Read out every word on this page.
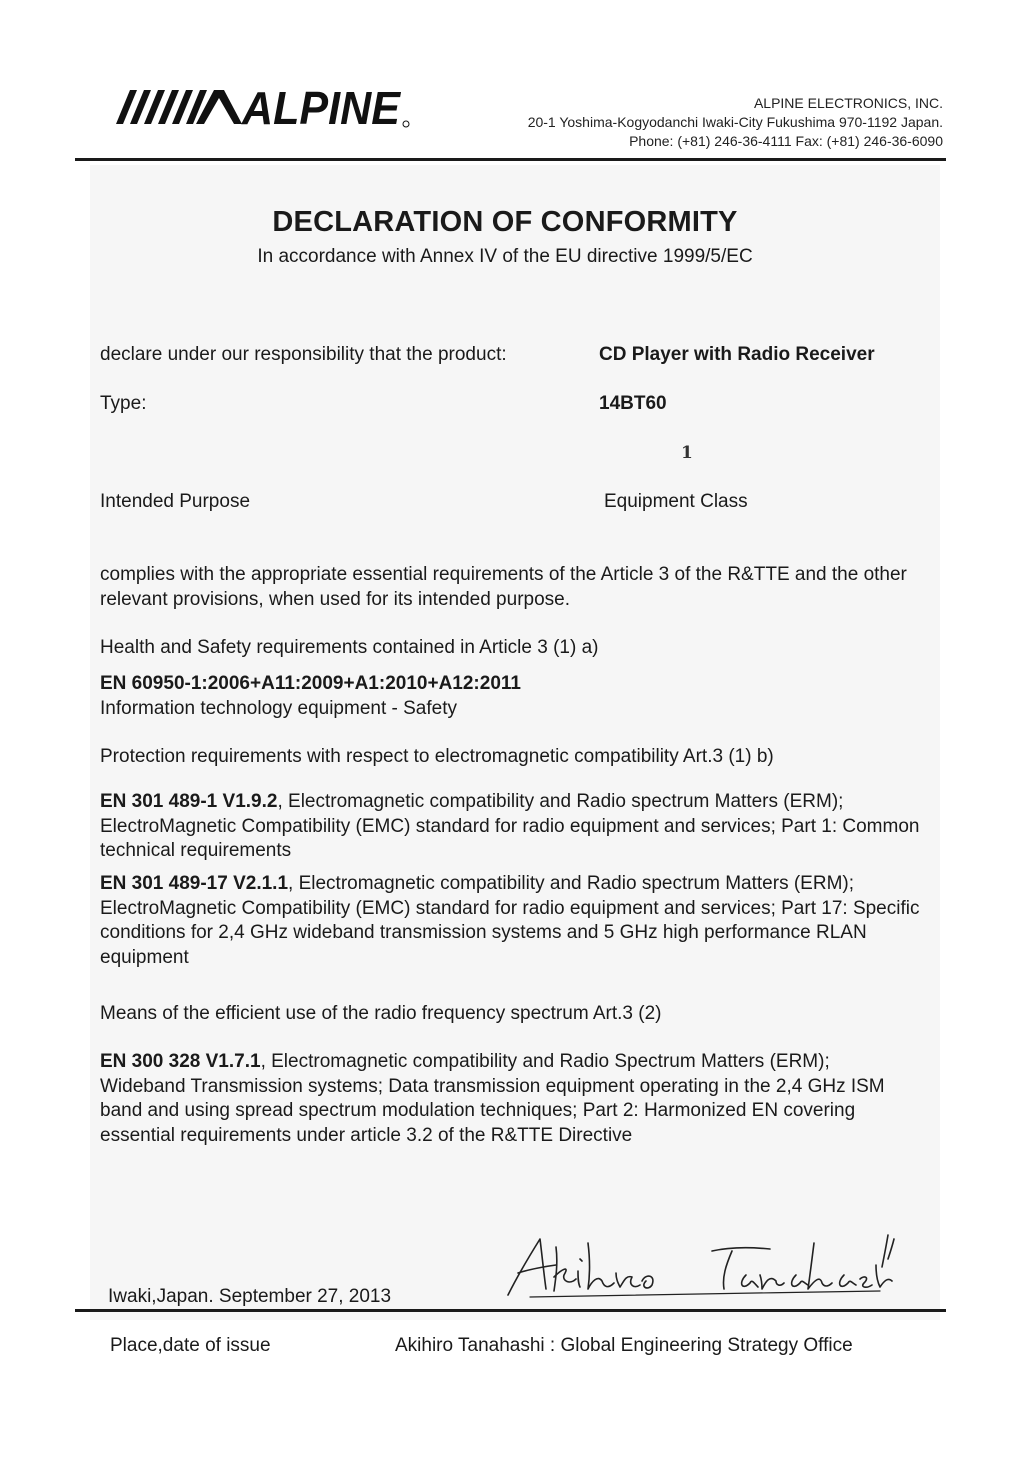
ALPINE	ALPINE ELECTRONICS, INC.
20-1 Yoshima-Kogyodanchi Iwaki-City Fukushima 970-1192 Japan.
Phone: (+81) 246-36-4111 Fax: (+81) 246-36-6090
DECLARATION OF CONFORMITY
In accordance with Annex IV of the EU directive 1999/5/EC
declare under our responsibility that the product:	CD Player with Radio Receiver
Type:	14BT60
1
Intended Purpose	Equipment Class

complies with the appropriate essential requirements of the Article 3 of the R&TTE and the other relevant provisions, when used for its intended purpose.

Health and Safety requirements contained in Article 3 (1) a)

EN 60950-1:2006+A11:2009+A1:2010+A12:2011

Information technology equipment - Safety

Protection requirements with respect to electromagnetic compatibility Art.3 (1) b)

EN 301 489-1 V1.9.2, Electromagnetic compatibility and Radio spectrum Matters (ERM); ElectroMagnetic Compatibility (EMC) standard for radio equipment and services; Part 1: Common technical requirements

EN 301 489-17 V2.1.1, Electromagnetic compatibility and Radio spectrum Matters (ERM); ElectroMagnetic Compatibility (EMC) standard for radio equipment and services; Part 17: Specific conditions for 2,4 GHz wideband transmission systems and 5 GHz high performance RLAN equipment

Means of the efficient use of the radio frequency spectrum Art.3 (2)

EN 300 328 V1.7.1, Electromagnetic compatibility and Radio Spectrum Matters (ERM); Wideband Transmission systems; Data transmission equipment operating in the 2,4 GHz ISM band and using spread spectrum modulation techniques; Part 2: Harmonized EN covering essential requirements under article 3.2 of the R&TTE Directive

Iwaki,Japan. September 27, 2013
Place,date of issue	Akihiro Tanahashi : Global Engineering Strategy Office
